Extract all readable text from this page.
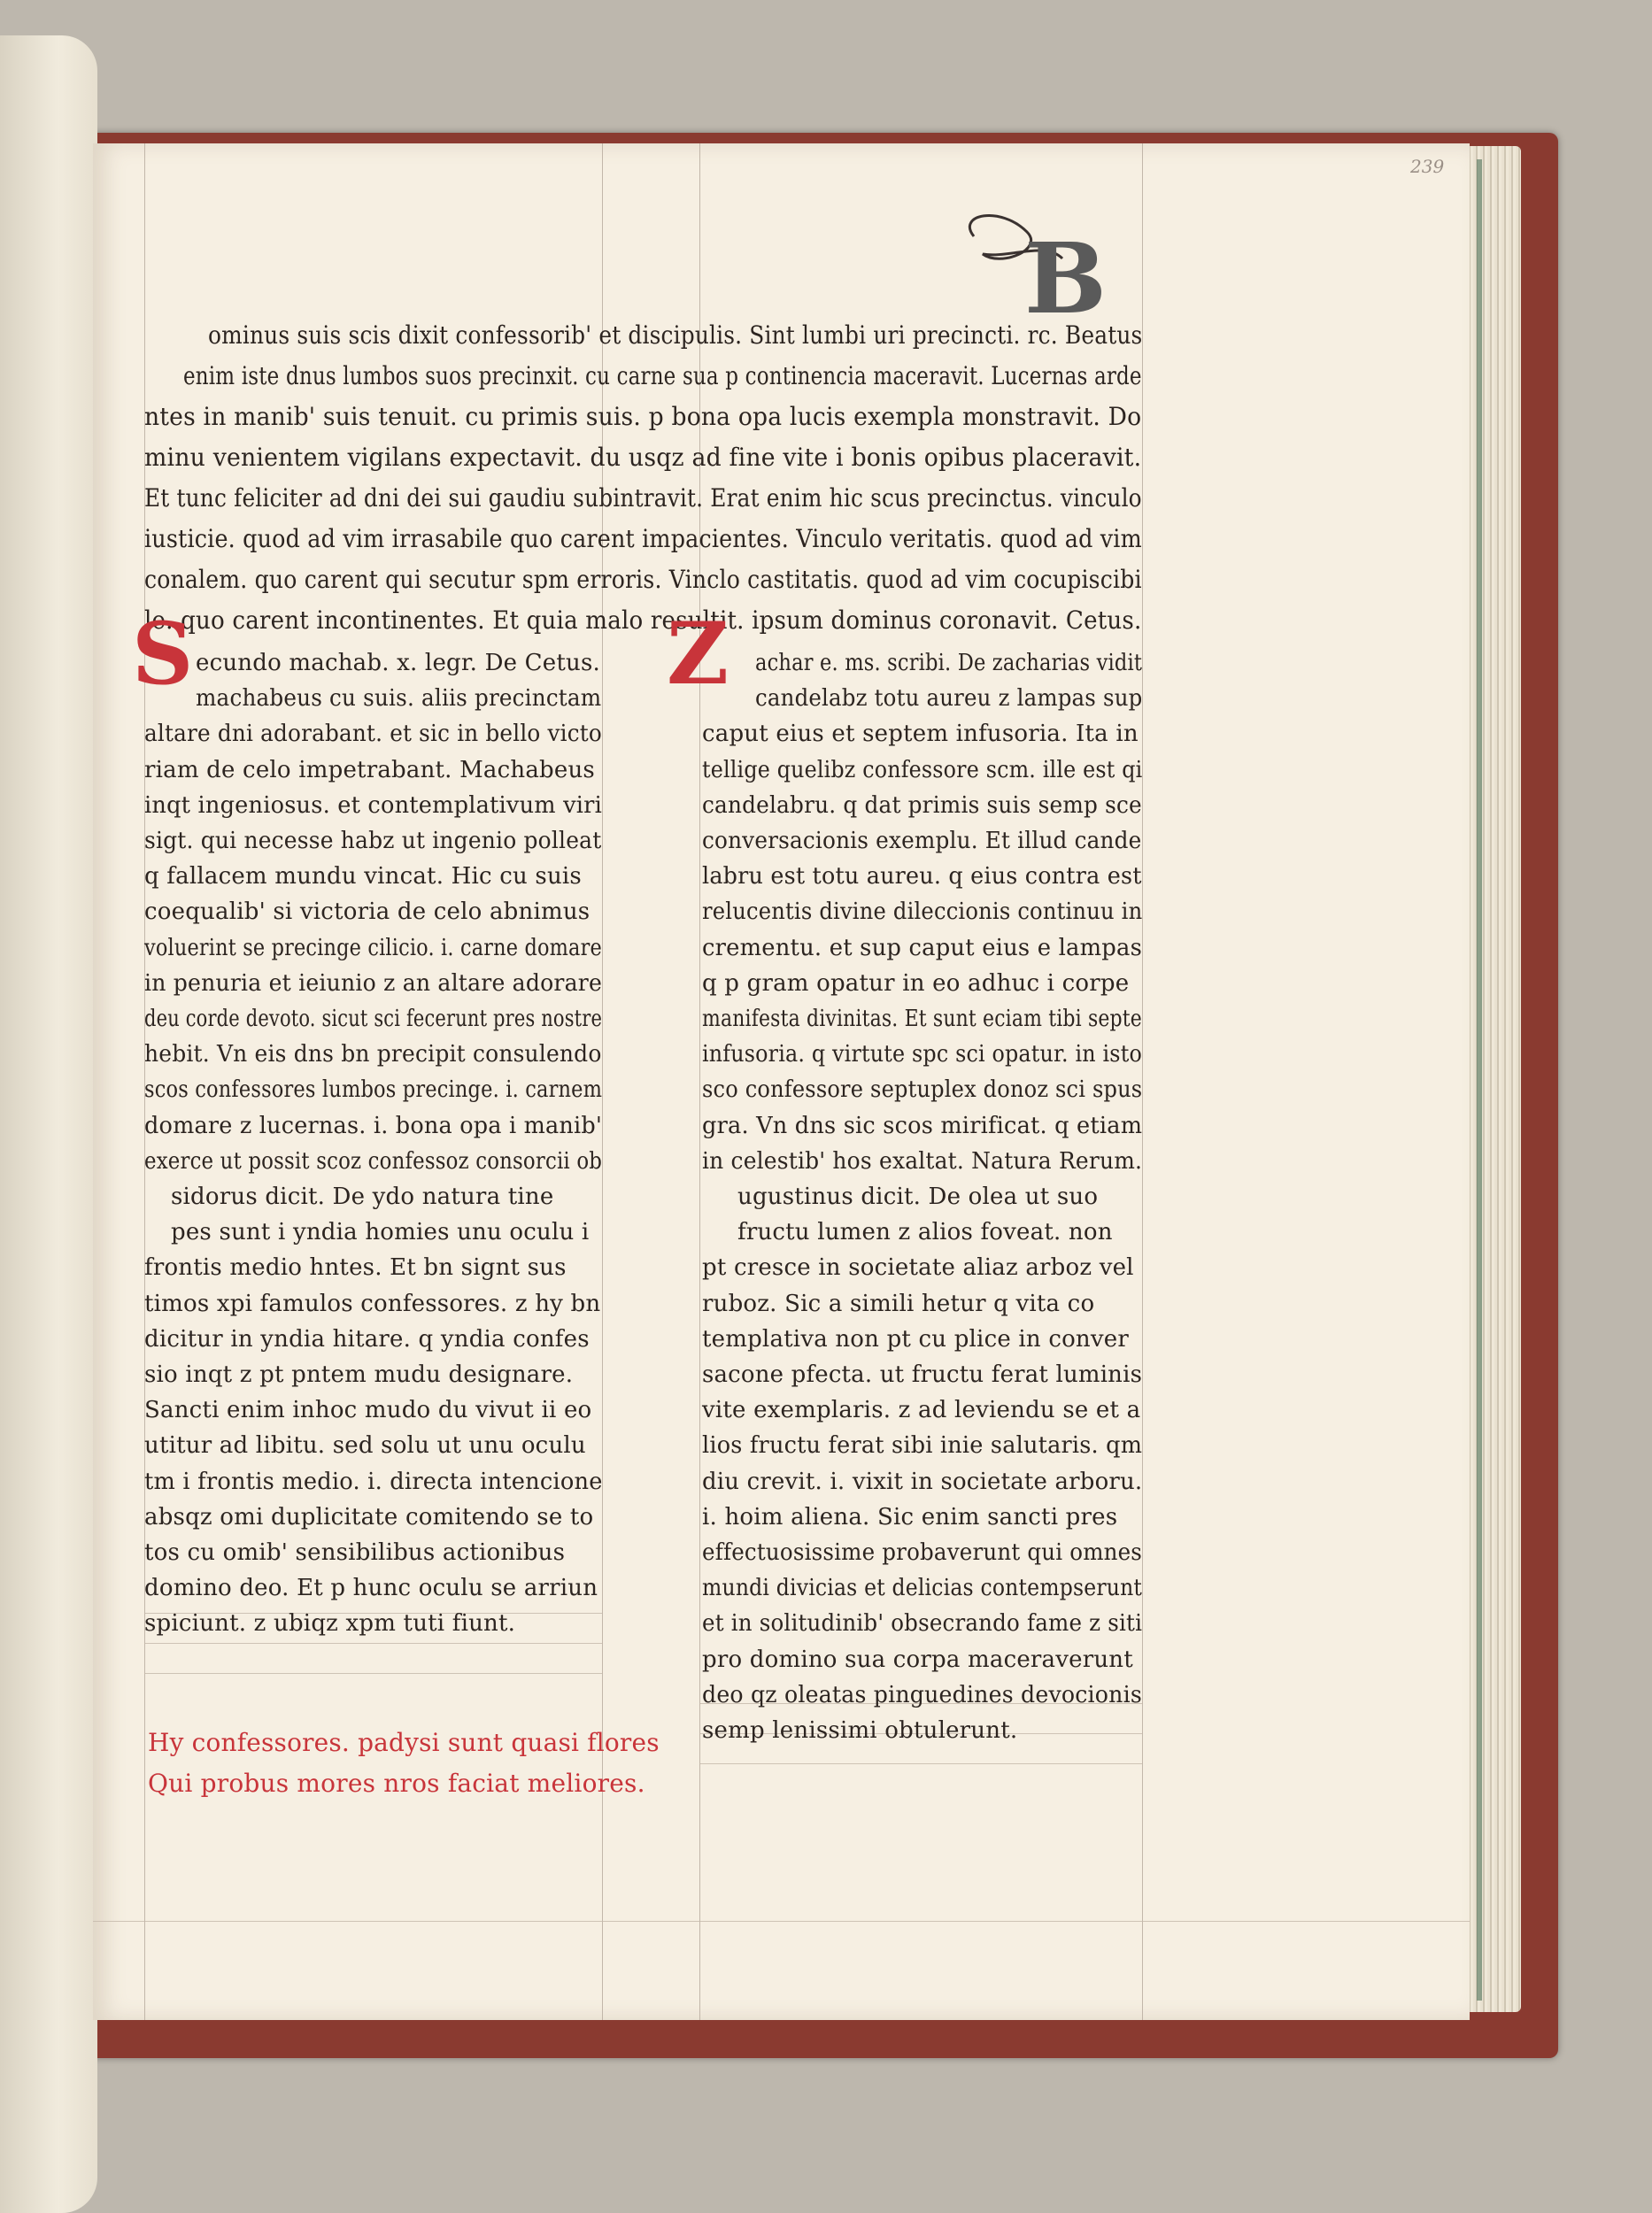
239
B
ominus suis scis dixit confessorib' et discipulis. Sint lumbi uri precincti. rc. Beatus
enim iste dnus lumbos suos precinxit. cu carne sua p continencia maceravit. Lucernas arde
ntes in manib' suis tenuit. cu primis suis. p bona opa lucis exempla monstravit. Do
minu venientem vigilans expectavit. du usqz ad fine vite i bonis opibus placeravit.
Et tunc feliciter ad dni dei sui gaudiu subintravit. Erat enim hic scus precinctus. vinculo
iusticie. quod ad vim irrasabile quo carent impacientes. Vinculo veritatis. quod ad vim
conalem. quo carent qui secutur spm erroris. Vinclo castitatis. quod ad vim cocupiscibi
le. quo carent incontinentes. Et quia malo resultit. ipsum dominus coronavit. Cetus.
S	Z
ecundo machab. x. legr. De Cetus.
machabeus cu suis. aliis precinctam
altare dni adorabant. et sic in bello victo
riam de celo impetrabant. Machabeus
inqt ingeniosus. et contemplativum viri
sigt. qui necesse habz ut ingenio polleat
q fallacem mundu vincat. Hic cu suis
coequalib' si victoria de celo abnimus
voluerint se precinge cilicio. i. carne domare
in penuria et ieiunio z an altare adorare
deu corde devoto. sicut sci fecerunt pres nostre
hebit. Vn eis dns bn precipit consulendo
scos confessores lumbos precinge. i. carnem
domare z lucernas. i. bona opa i manib'
exerce ut possit scoz confessoz consorcii ob
sidorus dicit. De ydo natura tine
pes sunt i yndia homies unu oculu i
frontis medio hntes. Et bn signt sus
timos xpi famulos confessores. z hy bn
dicitur in yndia hitare. q yndia confes
sio inqt z pt pntem mudu designare.
Sancti enim inhoc mudo du vivut ii eo
utitur ad libitu. sed solu ut unu oculu
tm i frontis medio. i. directa intencione
absqz omi duplicitate comitendo se to
tos cu omib' sensibilibus actionibus
domino deo. Et p hunc oculu se arriun
spiciunt. z ubiqz xpm tuti fiunt.
Hy confessores. padysi sunt quasi flores
Qui probus mores nros faciat meliores.
achar e. ms. scribi. De zacharias vidit
candelabz totu aureu z lampas sup
caput eius et septem infusoria. Ita in
tellige quelibz confessore scm. ille est qi
candelabru. q dat primis suis semp sce
conversacionis exemplu. Et illud cande
labru est totu aureu. q eius contra est
relucentis divine dileccionis continuu in
crementu. et sup caput eius e lampas
q p gram opatur in eo adhuc i corpe
manifesta divinitas. Et sunt eciam tibi septe
infusoria. q virtute spc sci opatur. in isto
sco confessore septuplex donoz sci spus
gra. Vn dns sic scos mirificat. q etiam
in celestib' hos exaltat. Natura Rerum.
ugustinus dicit. De olea ut suo
fructu lumen z alios foveat. non
pt cresce in societate aliaz arboz vel
ruboz. Sic a simili hetur q vita co
templativa non pt cu plice in conver
sacone pfecta. ut fructu ferat luminis
vite exemplaris. z ad leviendu se et a
lios fructu ferat sibi inie salutaris. qm
diu crevit. i. vixit in societate arboru.
i. hoim aliena. Sic enim sancti pres
effectuosissime probaverunt qui omnes
mundi divicias et delicias contempserunt
et in solitudinib' obsecrando fame z siti
pro domino sua corpa maceraverunt
deo qz oleatas pinguedines devocionis
semp lenissimi obtulerunt.
